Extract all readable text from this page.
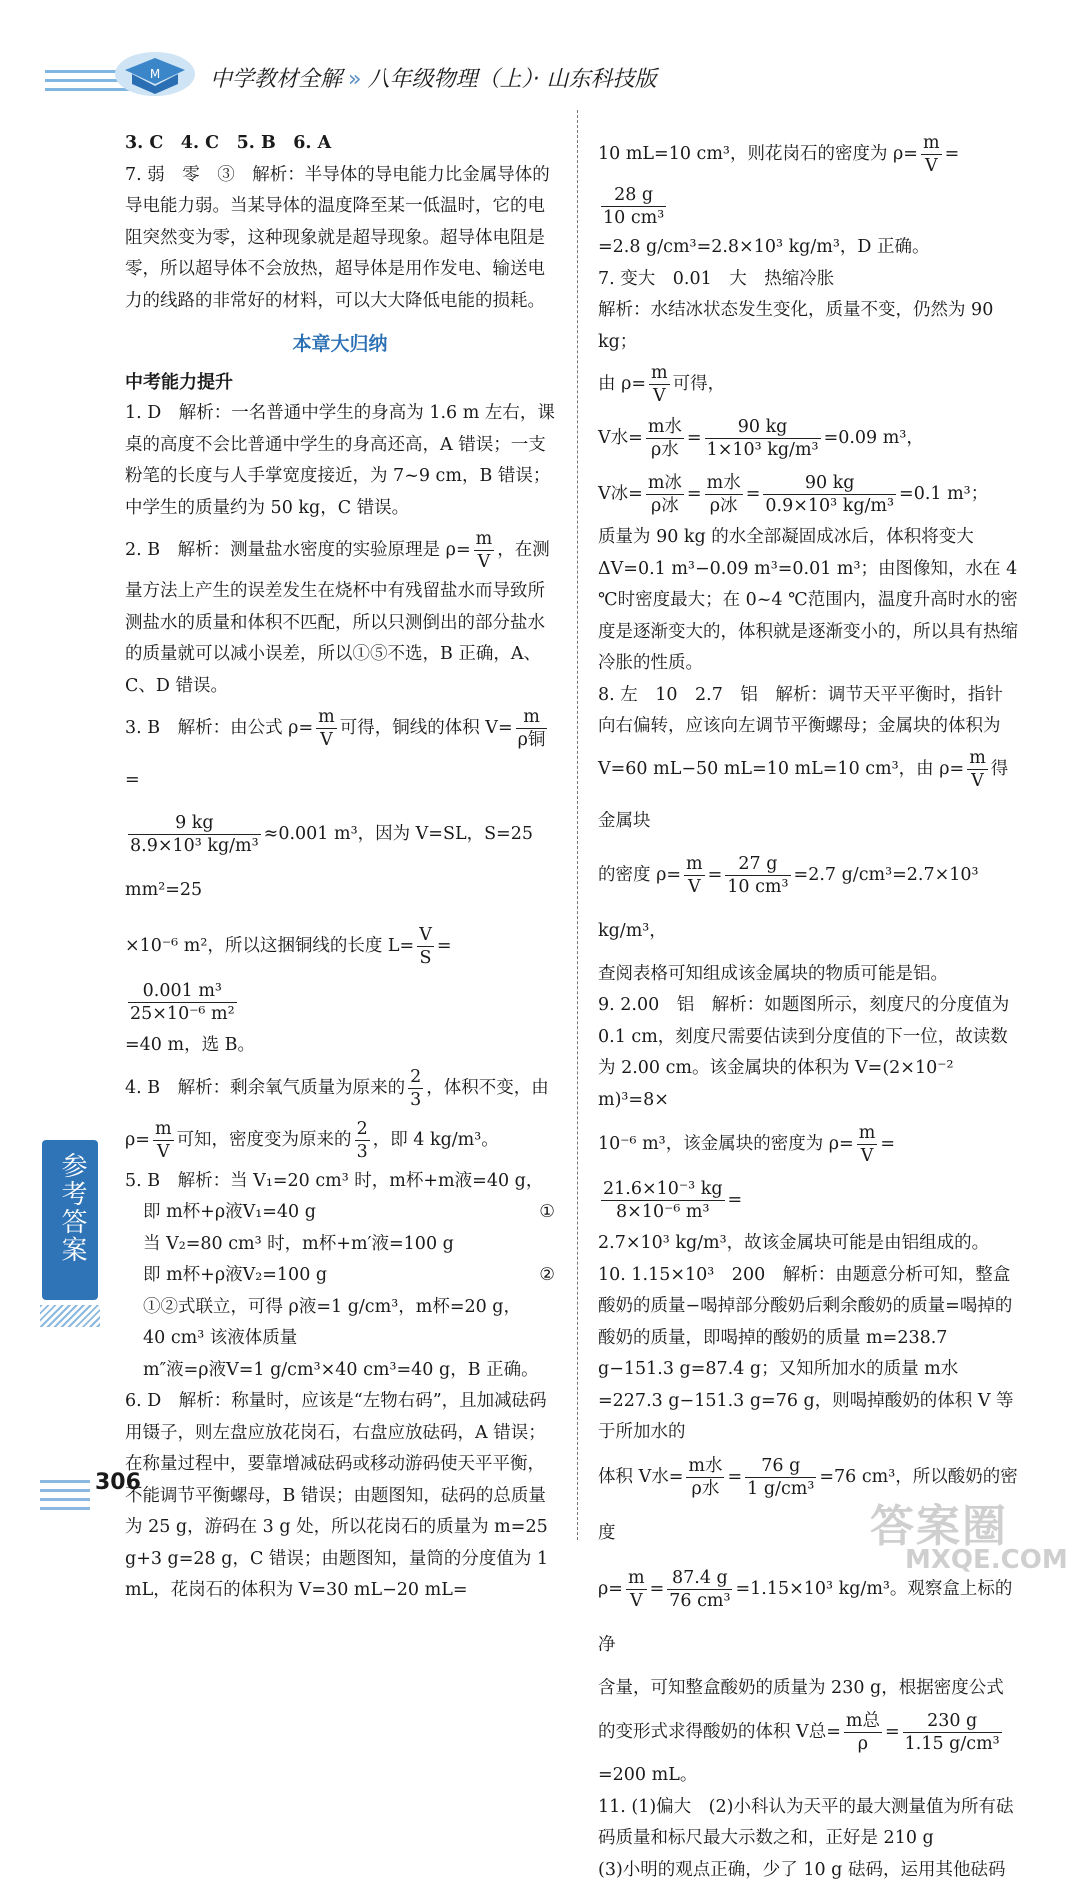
M 中学教材全解 » 八年级物理（上）· 山东科技版

3. C　4. C　5. B　6. A

7. 弱　零　③　解析：半导体的导电能力比金属导体的导电能力弱。当某导体的温度降至某一低温时，它的电阻突然变为零，这种现象就是超导现象。超导体电阻是零，所以超导体不会放热，超导体是用作发电、输送电力的线路的非常好的材料，可以大大降低电能的损耗。

本章大归纳

中考能力提升

1. D　解析：一名普通中学生的身高为 1.6 m 左右，课桌的高度不会比普通中学生的身高还高，A 错误；一支粉笔的长度与人手掌宽度接近，为 7~9 cm，B 错误；中学生的质量约为 50 kg，C 错误。

2. B　解析：测量盐水密度的实验原理是 $\rho= \frac{m}{V}$ ，在测

量方法上产生的误差发生在烧杯中有残留盐水而导致所测盐水的质量和体积不匹配，所以只测倒出的部分盐水的质量就可以减小误差，所以①⑤不选，B 正确，A、C、D 错误。

3. B　解析：由公式 $\rho= \frac{m}{V}$ 可得，铜线的体积 $V= \frac{m}{\text{ρ铜}}$
=

$\frac{9 kg}{\text{8.9×10³ kg/m³}} \approx 0.001$ m³，因为 V=SL，S=25 mm²=25

×10⁻⁶ m²，所以这捆铜线的长度 $L= \frac{V}{S}$ =
$\frac{\text{0.001 m³}}{\text{25×10⁻⁶ m²}}$

=40 m，选 B。

4. B　解析：剩余氧气质量为原来的 $\frac{2}{3}$ ，体积不变，由

$\rho= \frac{m}{V}$ 可知，密度变为原来的 $\frac{2}{3}$ ，即 4 kg/m³。

5. B　解析：当 V₁=20 cm³ 时，m杯+m液=40 g，

即 m杯+ρ液V₁=40 g	①

当 V₂=80 cm³ 时，m杯+m′液=100 g

即 m杯+ρ液V₂=100 g	②

①②式联立，可得 ρ液=1 g/cm³，m杯=20 g，

40 cm³ 该液体质量

m″液=ρ液V=1 g/cm³×40 cm³=40 g，B 正确。

6. D　解析：称量时，应该是“左物右码”，且加减砝码用镊子，则左盘应放花岗石，右盘应放砝码，A 错误；在称量过程中，要靠增减砝码或移动游码使天平平衡，不能调节平衡螺母，B 错误；由题图知，砝码的总质量为 25 g，游码在 3 g 处，所以花岗石的质量为 m=25 g+3 g=28 g，C 错误；由题图知，量筒的分度值为 1 mL，花岗石的体积为 V=30 mL−20 mL=

10 mL=10 cm³，则花岗石的密度为 $\rho= \frac{m}{V}$ =
$\frac{28 g}{\text{10 cm³}}$

=2.8 g/cm³=2.8×10³ kg/m³，D 正确。

7. 变大　0.01　大　热缩冷胀

解析：水结冰状态发生变化，质量不变，仍然为 90 kg；

由 $\rho= \frac{m}{V}$ 可得，

V水= $\frac{\text{m水}}{\text{ρ水}} = \frac{90 kg}{\text{1×10³ kg/m³}} =0.09$ m³，

V冰= $\frac{\text{m冰}}{\text{ρ冰}} = \frac{\text{m水}}{\text{ρ冰}} = \frac{90 kg}{\text{0.9×10³ kg/m³}} =0.1$ m³；

质量为 90 kg 的水全部凝固成冰后，体积将变大 ΔV=0.1 m³−0.09 m³=0.01 m³；由图像知，水在 4 ℃时密度最大；在 0~4 ℃范围内，温度升高时水的密度是逐渐变大的，体积就是逐渐变小的，所以具有热缩冷胀的性质。

8. 左　10　2.7　铝　解析：调节天平平衡时，指针向右偏转，应该向左调节平衡螺母；金属块的体积为

V=60 mL−50 mL=10 mL=10 cm³，由 $\rho= \frac{m}{V}$ 得金属块

的密度 $\rho= \frac{m}{V} = \frac{27 g}{\text{10 cm³}} =2.7$ g/cm³=2.7×10³ kg/m³，

查阅表格可知组成该金属块的物质可能是铝。

9. 2.00　铝　解析：如题图所示，刻度尺的分度值为 0.1 cm，刻度尺需要估读到分度值的下一位，故读数为 2.00 cm。该金属块的体积为 V=(2×10⁻² m)³=8×

10⁻⁶ m³，该金属块的密度为 $\rho= \frac{m}{V}$ =
$\frac{\text{21.6×10⁻³ kg}}{\text{8×10⁻⁶ m³}}$ =

2.7×10³ kg/m³，故该金属块可能是由铝组成的。

10. 1.15×10³　200　解析：由题意分析可知，整盒酸奶的质量−喝掉部分酸奶后剩余酸奶的质量=喝掉的酸奶的质量，即喝掉的酸奶的质量 m=238.7 g−151.3 g=87.4 g；又知所加水的质量 m水=227.3 g−151.3 g=76 g，则喝掉酸奶的体积 V 等于所加水的

体积 V水= $\frac{\text{m水}}{\text{ρ水}} = \frac{76 g}{\text{1 g/cm³}} =76$ cm³，所以酸奶的密度

$\rho= \frac{m}{V} = \frac{87.4 g}{\text{76 cm³}} =1.15\times 10^3$ kg/m³。观察盒上标的净

含量，可知整盒酸奶的质量为 230 g，根据密度公式

的变形式求得酸奶的体积 V总= $\frac{\text{m总}}{\rho} = \frac{230 g}{\text{1.15 g/cm³}}$

=200 mL。

11. (1)偏大　(2)小科认为天平的最大测量值为所有砝码质量和标尺最大示数之和，正好是 210 g

(3)小明的观点正确，少了 10 g 砝码，运用其他砝码

参考答案
306
答案圈
MXQE.COM
